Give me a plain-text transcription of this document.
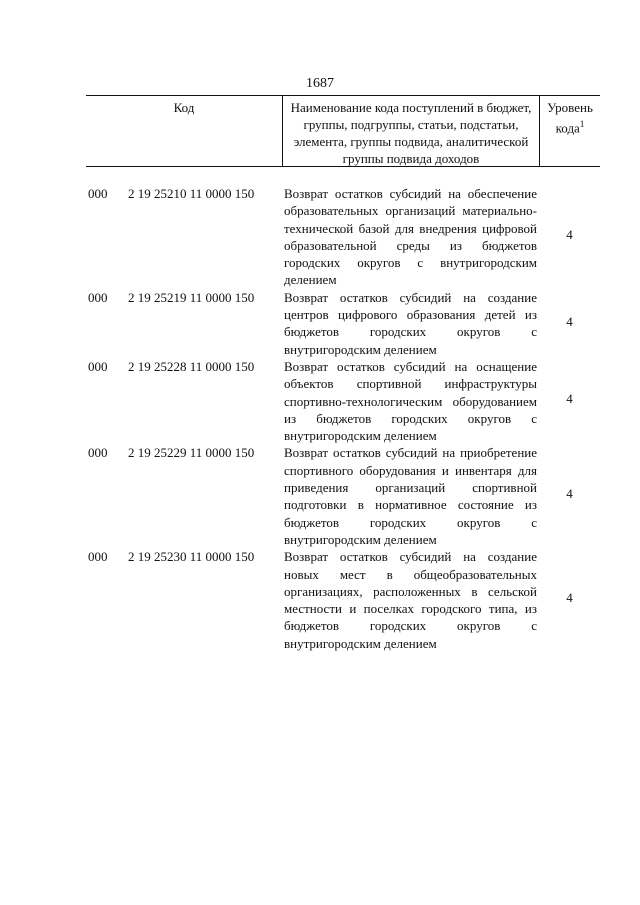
1687
Код	Наименование кода поступлений в бюджет, группы, подгруппы, статьи, подстатьи, элемента, группы подвида, аналитической группы подвида доходов
Уровень кода$^1$
000 2 19 25210 11 0000 150 Возврат остатков субсидий на обеспечение образовательных организаций материально-технической базой для внедрения цифровой образовательной среды из бюджетов городских округов с внутригородским делением
4
000 2 19 25219 11 0000 150 Возврат остатков субсидий на создание центров цифрового образования детей из бюджетов городских округов с внутригородским делением
4
000 2 19 25228 11 0000 150 Возврат остатков субсидий на оснащение объектов спортивной инфраструктуры спортивно-технологическим оборудованием из бюджетов городских округов с внутригородским делением
4
000 2 19 25229 11 0000 150 Возврат остатков субсидий на приобретение спортивного оборудования и инвентаря для приведения организаций спортивной подготовки в нормативное состояние из бюджетов городских округов с внутригородским делением
4
000 2 19 25230 11 0000 150 Возврат остатков субсидий на создание новых мест в общеобразовательных организациях, расположенных в сельской местности и поселках городского типа, из бюджетов городских округов с внутригородским делением
4
